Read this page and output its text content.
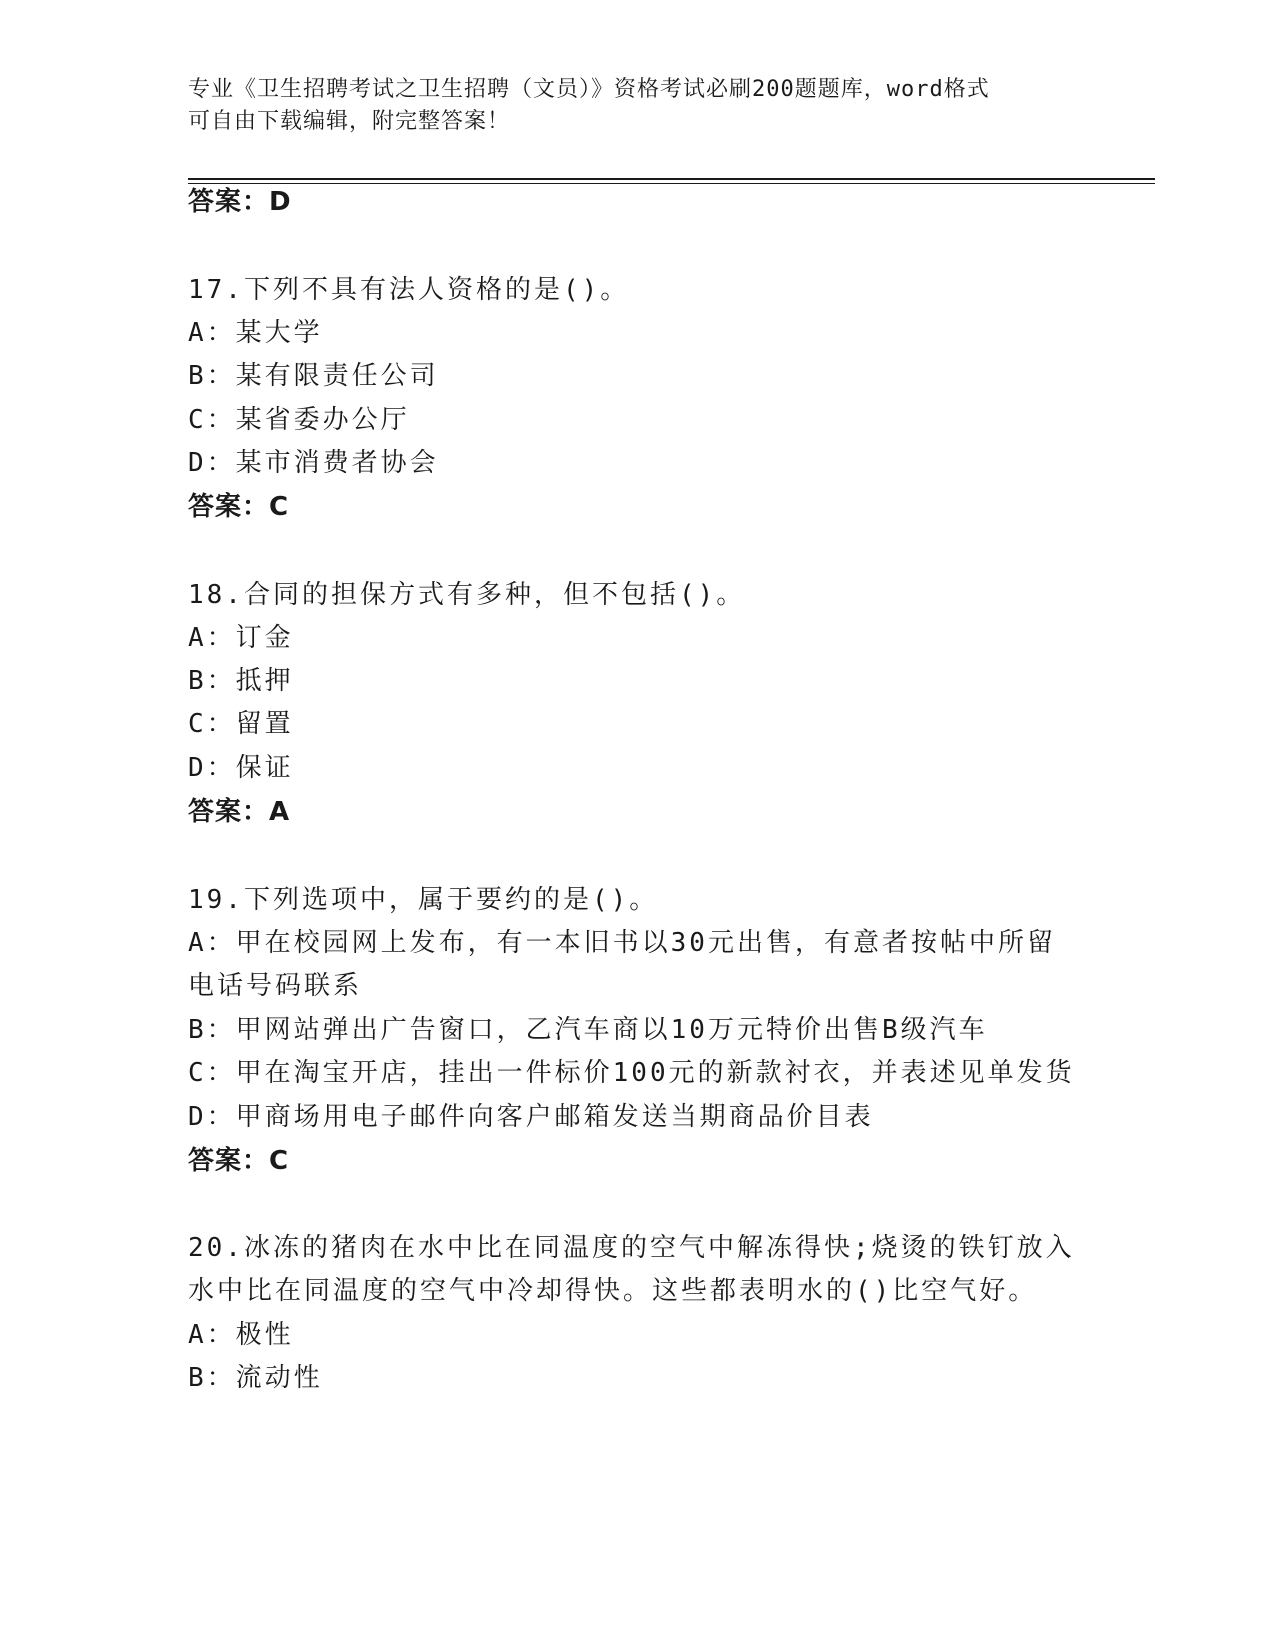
专业《卫生招聘考试之卫生招聘（文员）》资格考试必刷200题题库，word格式
可自由下载编辑，附完整答案！
答案：D
17.下列不具有法人资格的是()。
A：某大学
B：某有限责任公司
C：某省委办公厅
D：某市消费者协会
答案：C
18.合同的担保方式有多种，但不包括()。
A：订金
B：抵押
C：留置
D：保证
答案：A
19.下列选项中，属于要约的是()。
A：甲在校园网上发布，有一本旧书以30元出售，有意者按帖中所留
电话号码联系
B：甲网站弹出广告窗口，乙汽车商以10万元特价出售B级汽车
C：甲在淘宝开店，挂出一件标价100元的新款衬衣，并表述见单发货
D：甲商场用电子邮件向客户邮箱发送当期商品价目表
答案：C
20.冰冻的猪肉在水中比在同温度的空气中解冻得快;烧烫的铁钉放入
水中比在同温度的空气中冷却得快。这些都表明水的()比空气好。
A：极性
B：流动性
